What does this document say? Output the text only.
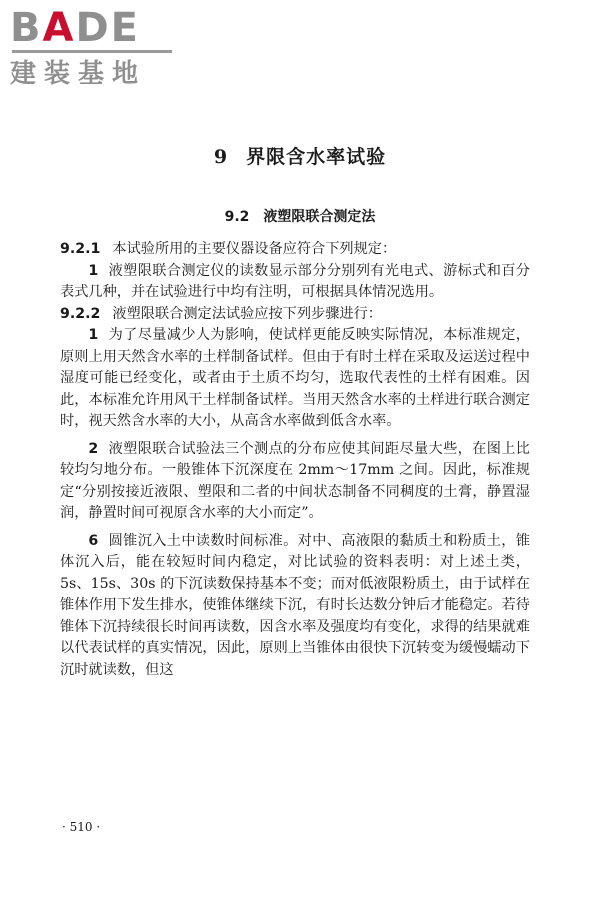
BADE

建装基地

9 界限含水率试验
9.2 液塑限联合测定法

9.2.1 本试验所用的主要仪器设备应符合下列规定：

1 液塑限联合测定仪的读数显示部分分别列有光电式、游标式和百分表式几种，并在试验进行中均有注明，可根据具体情况选用。

9.2.2 液塑限联合测定法试验应按下列步骤进行：

1 为了尽量减少人为影响，使试样更能反映实际情况，本标准规定，原则上用天然含水率的土样制备试样。但由于有时土样在采取及运送过程中湿度可能已经变化，或者由于土质不均匀，选取代表性的土样有困难。因此，本标准允许用风干土样制备试样。当用天然含水率的土样进行联合测定时，视天然含水率的大小，从高含水率做到低含水率。

2 液塑限联合试验法三个测点的分布应使其间距尽量大些，在图上比较均匀地分布。一般锥体下沉深度在 2mm～17mm 之间。因此，标准规定“分别按接近液限、塑限和二者的中间状态制备不同稠度的土膏，静置湿润，静置时间可视原含水率的大小而定”。

6 圆锥沉入土中读数时间标准。对中、高液限的黏质土和粉质土，锥体沉入后，能在较短时间内稳定，对比试验的资料表明：对上述土类，5s、15s、30s 的下沉读数保持基本不变；而对低液限粉质土，由于试样在锥体作用下发生排水，使锥体继续下沉，有时长达数分钟后才能稳定。若待锥体下沉持续很长时间再读数，因含水率及强度均有变化，求得的结果就难以代表试样的真实情况，因此，原则上当锥体由很快下沉转变为缓慢蠕动下沉时就读数，但这

· 510 ·
